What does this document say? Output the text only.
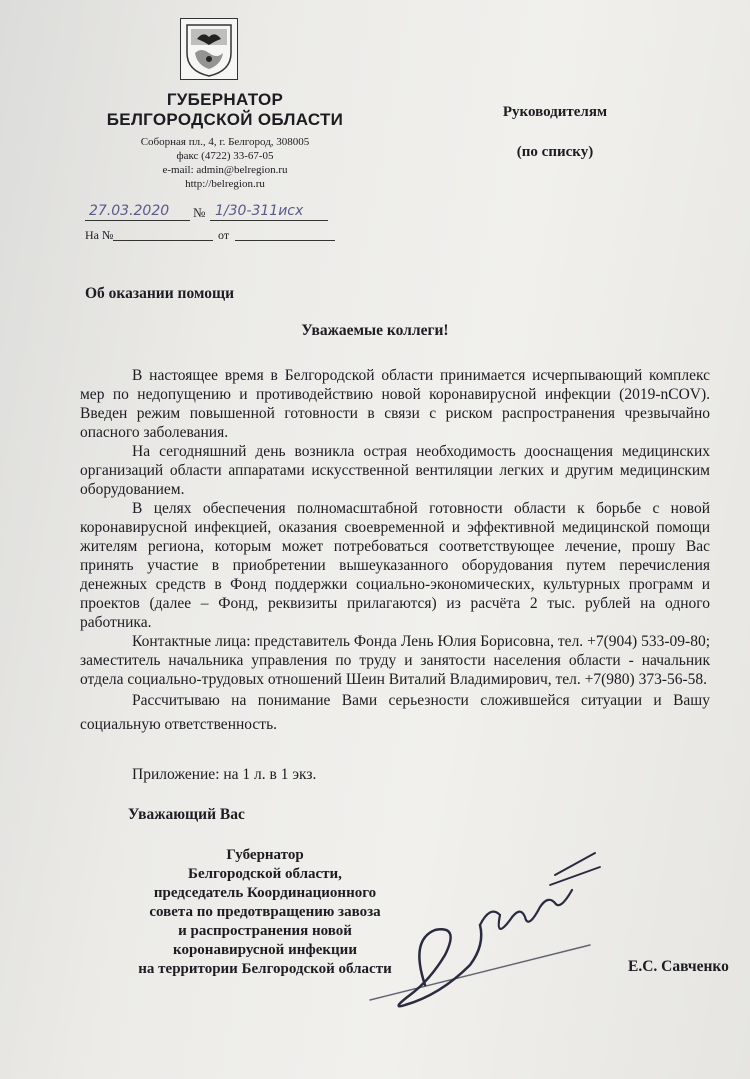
ГУБЕРНАТОР
БЕЛГОРОДСКОЙ ОБЛАСТИ
Соборная пл., 4, г. Белгород, 308005
факс (4722) 33-67-05
e-mail: admin@belregion.ru
http://belregion.ru
27.03.2020 № 1/30-311исх
На №	от
Руководителям
(по списку)
Об оказании помощи
Уважаемые коллеги!

В настоящее время в Белгородской области принимается исчерпывающий комплекс мер по недопущению и противодействию новой коронавирусной инфекции (2019-nCOV). Введен режим повышенной готовности в связи с риском распространения чрезвычайно опасного заболевания.

На сегодняшний день возникла острая необходимость дооснащения медицинских организаций области аппаратами искусственной вентиляции легких и другим медицинским оборудованием.

В целях обеспечения полномасштабной готовности области к борьбе с новой коронавирусной инфекцией, оказания своевременной и эффективной медицинской помощи жителям региона, которым может потребоваться соответствующее лечение, прошу Вас принять участие в приобретении вышеуказанного оборудования путем перечисления денежных средств в Фонд поддержки социально-экономических, культурных программ и проектов (далее – Фонд, реквизиты прилагаются) из расчёта 2 тыс. рублей на одного работника.

Контактные лица: представитель Фонда Лень Юлия Борисовна, тел. +7(904) 533-09-80; заместитель начальника управления по труду и занятости населения области - начальник отдела социально-трудовых отношений Шеин Виталий Владимирович, тел. +7(980) 373-56-58.

Рассчитываю на понимание Вами серьезности сложившейся ситуации и Вашу социальную ответственность.

Приложение: на 1 л. в 1 экз.
Уважающий Вас
Губернатор
Белгородской области,
председатель Координационного
совета по предотвращению завоза
и распространения новой
коронавирусной инфекции
на территории Белгородской области	Е.С. Савченко
